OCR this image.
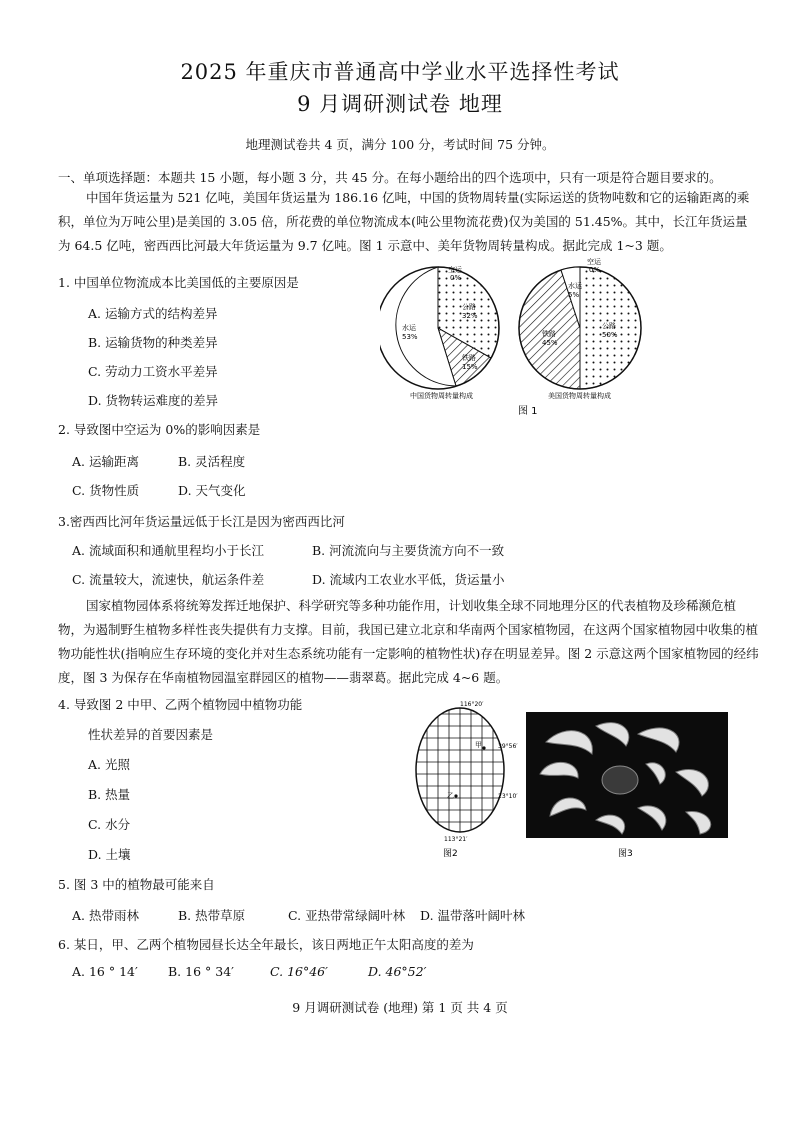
2025 年重庆市普通高中学业水平选择性考试
9 月调研测试卷 地理
地理测试卷共 4 页，满分 100 分，考试时间 75 分钟。
一、单项选择题：本题共 15 小题，每小题 3 分，共 45 分。在每小题给出的四个选项中，只有一项是符合题目要求的。
中国年货运量为 521 亿吨，美国年货运量为 186.16 亿吨，中国的货物周转量(实际运送的货物吨数和它的运输距离的乘
积，单位为万吨公里)是美国的 3.05 倍，所花费的单位物流成本(吨公里物流花费)仅为美国的 51.45%。其中，长江年货运量
为 64.5 亿吨，密西西比河最大年货运量为 9.7 亿吨。图 1 示意中、美年货物周转量构成。据此完成 1~3 题。
1. 中国单位物流成本比美国低的主要原因是
A. 运输方式的结构差异
B. 运输货物的种类差异
C. 劳动力工资水平差异
D. 货物转运难度的差异
空运
0%
公路
32%
铁路
15%
水运
53%
中国货物周转量构成
空运
0%
公路
50%
铁路
45%
水运
5%
美国货物周转量构成
图 1
2. 导致图中空运为 0%的影响因素是
A. 运输距离	B. 灵活程度
C. 货物性质	D. 天气变化
3.密西西比河年货运量远低于长江是因为密西西比河
A. 流域面积和通航里程均小于长江	B. 河流流向与主要货流方向不一致
C. 流量较大，流速快，航运条件差	D. 流域内工农业水平低，货运量小
国家植物园体系将统筹发挥迁地保护、科学研究等多种功能作用，计划收集全球不同地理分区的代表植物及珍稀濒危植
物，为遏制野生植物多样性丧失提供有力支撑。目前，我国已建立北京和华南两个国家植物园，在这两个国家植物园中收集的植
物功能性状(指响应生存环境的变化并对生态系统功能有一定影响的植物性状)存在明显差异。图 2 示意这两个国家植物园的经纬
度，图 3 为保存在华南植物园温室群园区的植物——翡翠葛。据此完成 4~6 题。
4. 导致图 2 中甲、乙两个植物园中植物功能
性状差异的首要因素是
A. 光照
B. 热量
C. 水分
D. 土壤
116°20′
113°21′
39°56′
23°10′
甲
乙
图2	图3
5. 图 3 中的植物最可能来自
A. 热带雨林	B. 热带草原	C. 亚热带常绿阔叶林 D. 温带落叶阔叶林
6. 某日，甲、乙两个植物园昼长达全年最长，该日两地正午太阳高度的差为
A. 16 ° 14′ B. 16 ° 34′	C. 16°46′	D. 46°52′
9 月调研测试卷 (地理) 第 1 页 共 4 页
